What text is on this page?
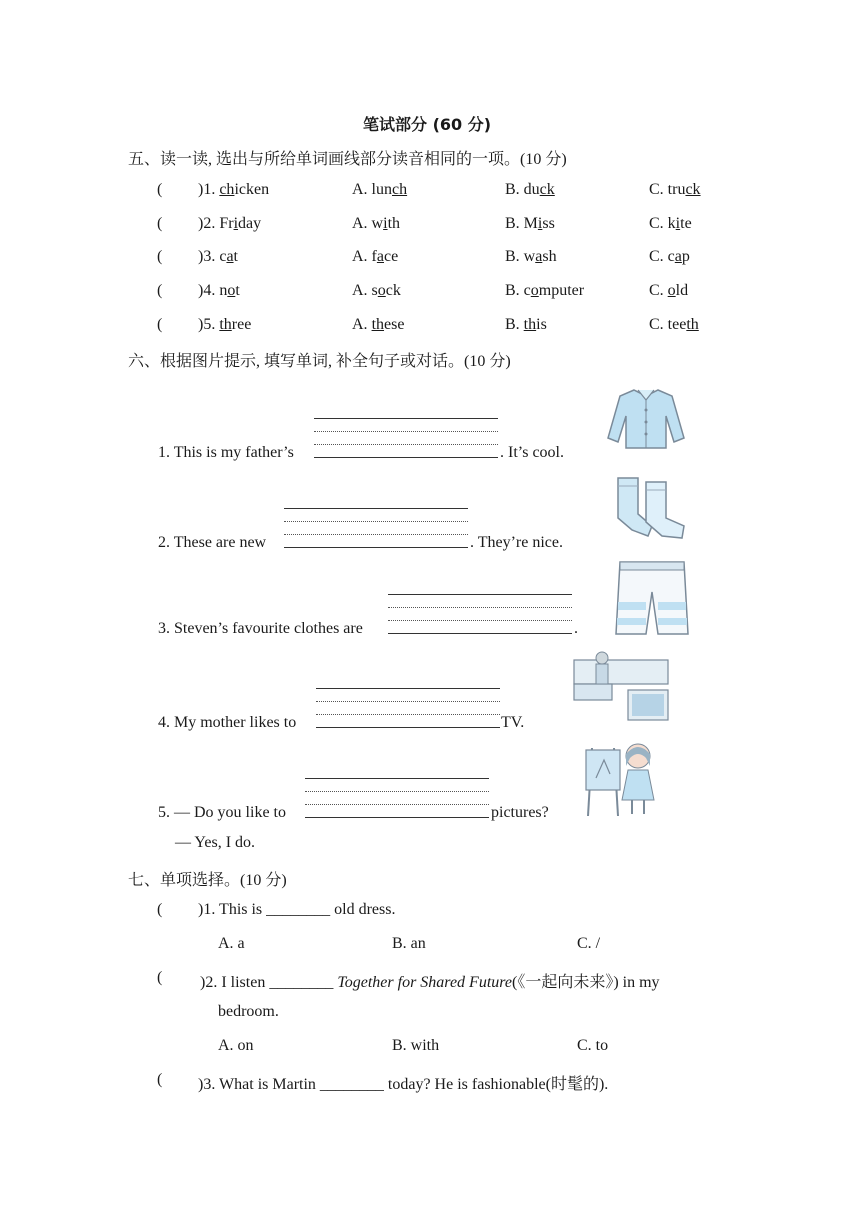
笔试部分 (60 分)
五、读一读, 选出与所给单词画线部分读音相同的一项。(10 分)
( )1. chicken	A. lunch	B. duck	C. truck
( )2. Friday	A. with	B. Miss	C. kite
( )3. cat	A. face	B. wash	C. cap
( )4. not	A. sock	B. computer	C. old
( )5. three	A. these	B. this	C. teeth
六、根据图片提示, 填写单词, 补全句子或对话。(10 分)
1. This is my father’s	. It’s cool.
2. These are new	. They’re nice.
3. Steven’s favourite clothes are	.
4. My mother likes to	TV.
5. — Do you like to	pictures?
— Yes, I do.
七、单项选择。(10 分)
( )1. This is ________ old dress.
A. a	B. an	C. /
( )2. I listen ________ Together for Shared Future(《一起向未来》) in my
bedroom.
A. on	B. with	C. to
( )3. What is Martin ________ today? He is fashionable(时髦的).
